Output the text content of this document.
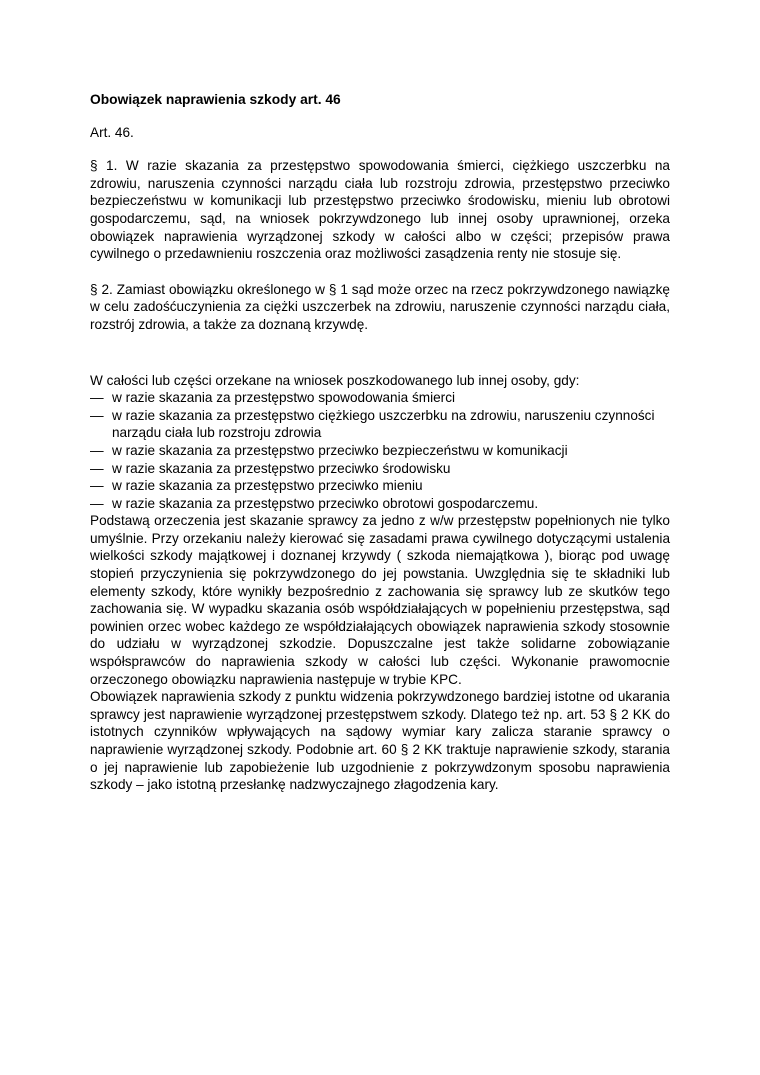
Obowiązek naprawienia szkody art. 46
Art. 46.

§ 1. W razie skazania za przestępstwo spowodowania śmierci, ciężkiego uszczerbku na zdrowiu, naruszenia czynności narządu ciała lub rozstroju zdrowia, przestępstwo przeciwko bezpieczeństwu w komunikacji lub przestępstwo przeciwko środowisku, mieniu lub obrotowi gospodarczemu, sąd, na wniosek pokrzywdzonego lub innej osoby uprawnionej, orzeka obowiązek naprawienia wyrządzonej szkody w całości albo w części; przepisów prawa cywilnego o przedawnieniu roszczenia oraz możliwości zasądzenia renty nie stosuje się.

§ 2. Zamiast obowiązku określonego w § 1 sąd może orzec na rzecz pokrzywdzonego nawiązkę w celu zadośćuczynienia za ciężki uszczerbek na zdrowiu, naruszenie czynności narządu ciała, rozstrój zdrowia, a także za doznaną krzywdę.

W całości lub części orzekane na wniosek poszkodowanego lub innej osoby, gdy:

— w razie skazania za przestępstwo spowodowania śmierci
— w razie skazania za przestępstwo ciężkiego uszczerbku na zdrowiu, naruszeniu czynności narządu ciała lub rozstroju zdrowia
— w razie skazania za przestępstwo przeciwko bezpieczeństwu w komunikacji
— w razie skazania za przestępstwo przeciwko środowisku
— w razie skazania za przestępstwo przeciwko mieniu
— w razie skazania za przestępstwo przeciwko obrotowi gospodarczemu.

Podstawą orzeczenia jest skazanie sprawcy za jedno z w/w przestępstw popełnionych nie tylko umyślnie. Przy orzekaniu należy kierować się zasadami prawa cywilnego dotyczącymi ustalenia wielkości szkody majątkowej i doznanej krzywdy ( szkoda niemajątkowa ), biorąc pod uwagę stopień przyczynienia się pokrzywdzonego do jej powstania. Uwzględnia się te składniki lub elementy szkody, które wynikły bezpośrednio z zachowania się sprawcy lub ze skutków tego zachowania się. W wypadku skazania osób współdziałających w popełnieniu przestępstwa, sąd powinien orzec wobec każdego ze współdziałających obowiązek naprawienia szkody stosownie do udziału w wyrządzonej szkodzie. Dopuszczalne jest także solidarne zobowiązanie współsprawców do naprawienia szkody w całości lub części. Wykonanie prawomocnie orzeczonego obowiązku naprawienia następuje w trybie KPC.

Obowiązek naprawienia szkody z punktu widzenia pokrzywdzonego bardziej istotne od ukarania sprawcy jest naprawienie wyrządzonej przestępstwem szkody. Dlatego też np. art. 53 § 2 KK do istotnych czynników wpływających na sądowy wymiar kary zalicza staranie sprawcy o naprawienie wyrządzonej szkody. Podobnie art. 60 § 2 KK traktuje naprawienie szkody, starania o jej naprawienie lub zapobieżenie lub uzgodnienie z pokrzywdzonym sposobu naprawienia szkody – jako istotną przesłankę nadzwyczajnego złagodzenia kary.
